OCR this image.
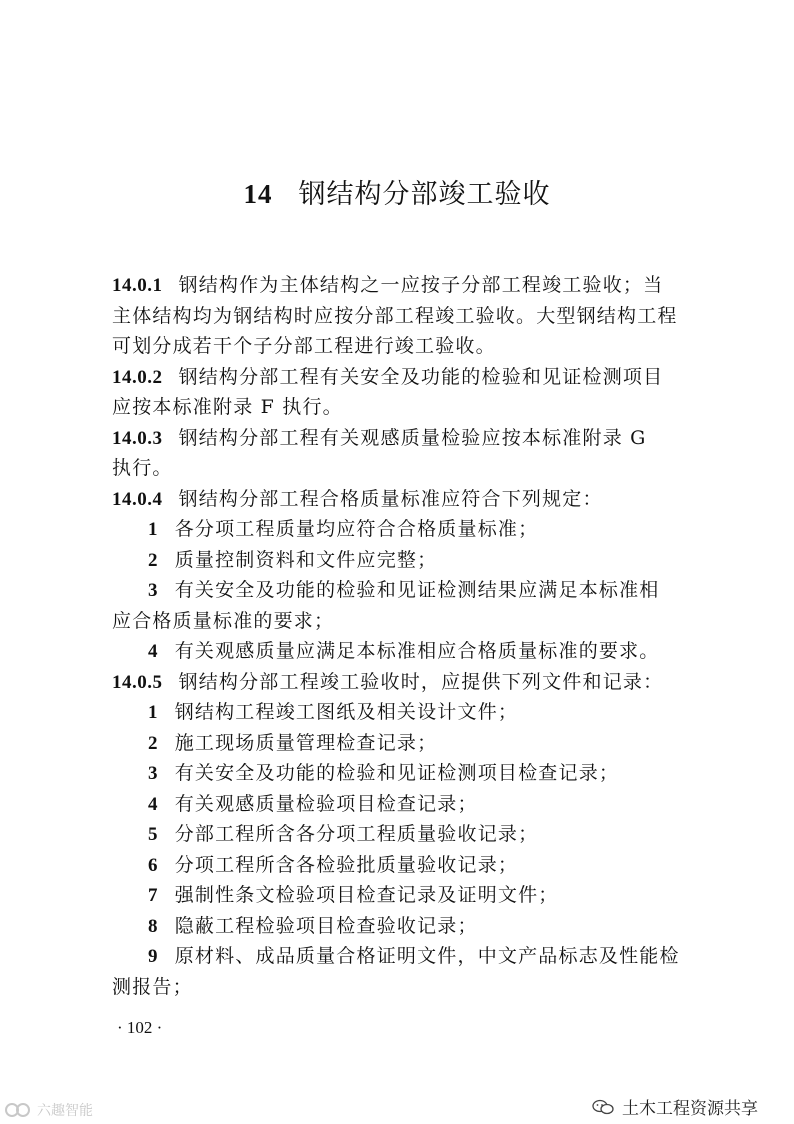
14 钢结构分部竣工验收
14.0.1 钢结构作为主体结构之一应按子分部工程竣工验收；当
主体结构均为钢结构时应按分部工程竣工验收。大型钢结构工程
可划分成若干个子分部工程进行竣工验收。
14.0.2 钢结构分部工程有关安全及功能的检验和见证检测项目
应按本标准附录 F 执行。
14.0.3 钢结构分部工程有关观感质量检验应按本标准附录 G
执行。
14.0.4 钢结构分部工程合格质量标准应符合下列规定：
1 各分项工程质量均应符合合格质量标准；
2 质量控制资料和文件应完整；
3 有关安全及功能的检验和见证检测结果应满足本标准相
应合格质量标准的要求；
4 有关观感质量应满足本标准相应合格质量标准的要求。
14.0.5 钢结构分部工程竣工验收时，应提供下列文件和记录：
1 钢结构工程竣工图纸及相关设计文件；
2 施工现场质量管理检查记录；
3 有关安全及功能的检验和见证检测项目检查记录；
4 有关观感质量检验项目检查记录；
5 分部工程所含各分项工程质量验收记录；
6 分项工程所含各检验批质量验收记录；
7 强制性条文检验项目检查记录及证明文件；
8 隐蔽工程检验项目检查验收记录；
9 原材料、成品质量合格证明文件，中文产品标志及性能检
测报告；
· 102 ·
六趣智能	土木工程资源共享
